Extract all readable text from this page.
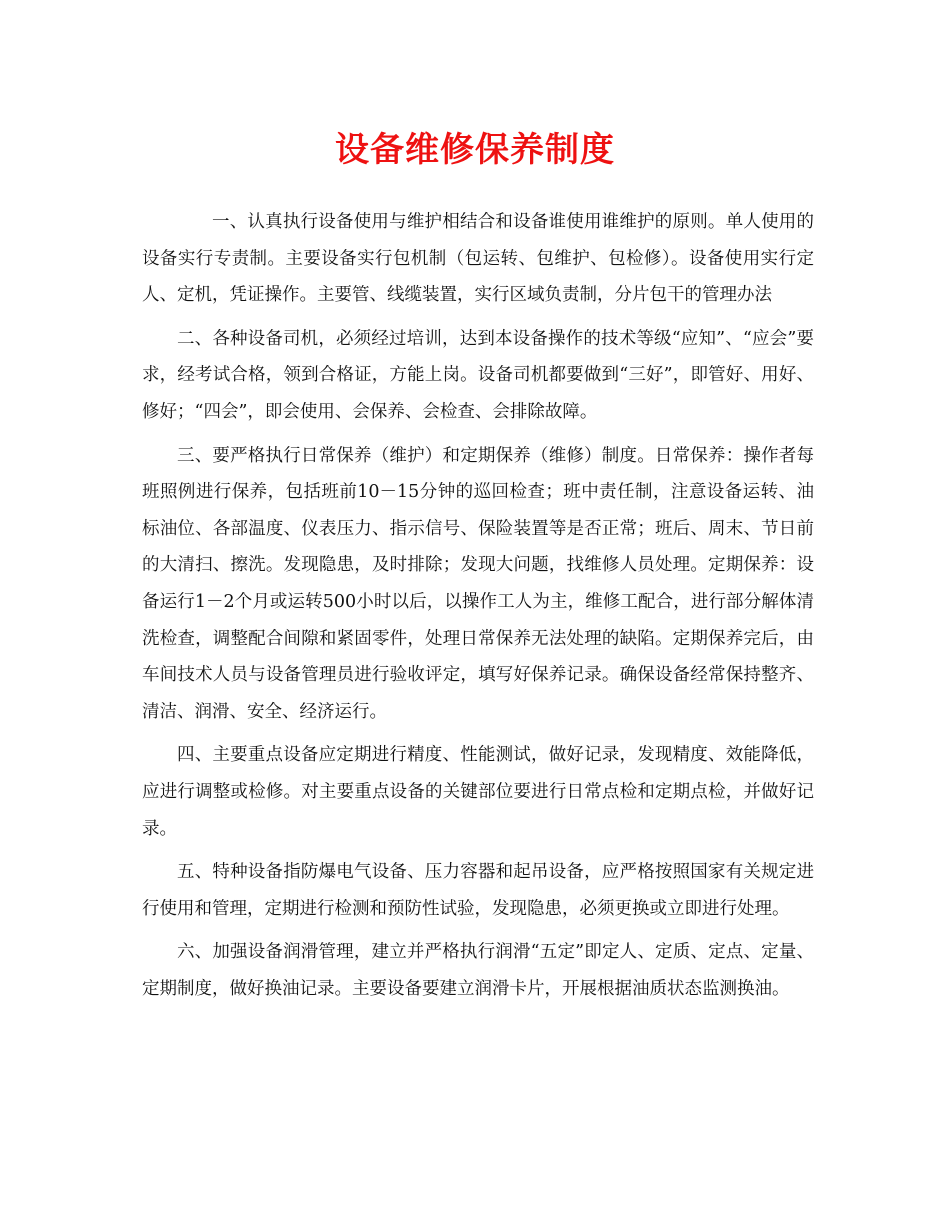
设备维修保养制度

一、认真执行设备使用与维护相结合和设备谁使用谁维护的原则。单人使用的设备实行专责制。主要设备实行包机制（包运转、包维护、包检修）。设备使用实行定人、定机，凭证操作。主要管、线缆装置，实行区域负责制，分片包干的管理办法

二、各种设备司机，必须经过培训，达到本设备操作的技术等级“应知”、“应会”要求，经考试合格，领到合格证，方能上岗。设备司机都要做到“三好”，即管好、用好、修好；“四会”，即会使用、会保养、会检查、会排除故障。

三、要严格执行日常保养（维护）和定期保养（维修）制度。日常保养：操作者每班照例进行保养，包括班前10－15分钟的巡回检查；班中责任制，注意设备运转、油标油位、各部温度、仪表压力、指示信号、保险装置等是否正常；班后、周末、节日前的大清扫、擦洗。发现隐患，及时排除；发现大问题，找维修人员处理。定期保养：设备运行1－2个月或运转500小时以后，以操作工人为主，维修工配合，进行部分解体清洗检查，调整配合间隙和紧固零件，处理日常保养无法处理的缺陷。定期保养完后，由车间技术人员与设备管理员进行验收评定，填写好保养记录。确保设备经常保持整齐、清洁、润滑、安全、经济运行。

四、主要重点设备应定期进行精度、性能测试，做好记录，发现精度、效能降低，应进行调整或检修。对主要重点设备的关键部位要进行日常点检和定期点检，并做好记录。

五、特种设备指防爆电气设备、压力容器和起吊设备，应严格按照国家有关规定进行使用和管理，定期进行检测和预防性试验，发现隐患，必须更换或立即进行处理。

六、加强设备润滑管理，建立并严格执行润滑“五定”即定人、定质、定点、定量、定期制度，做好换油记录。主要设备要建立润滑卡片，开展根据油质状态监测换油。
